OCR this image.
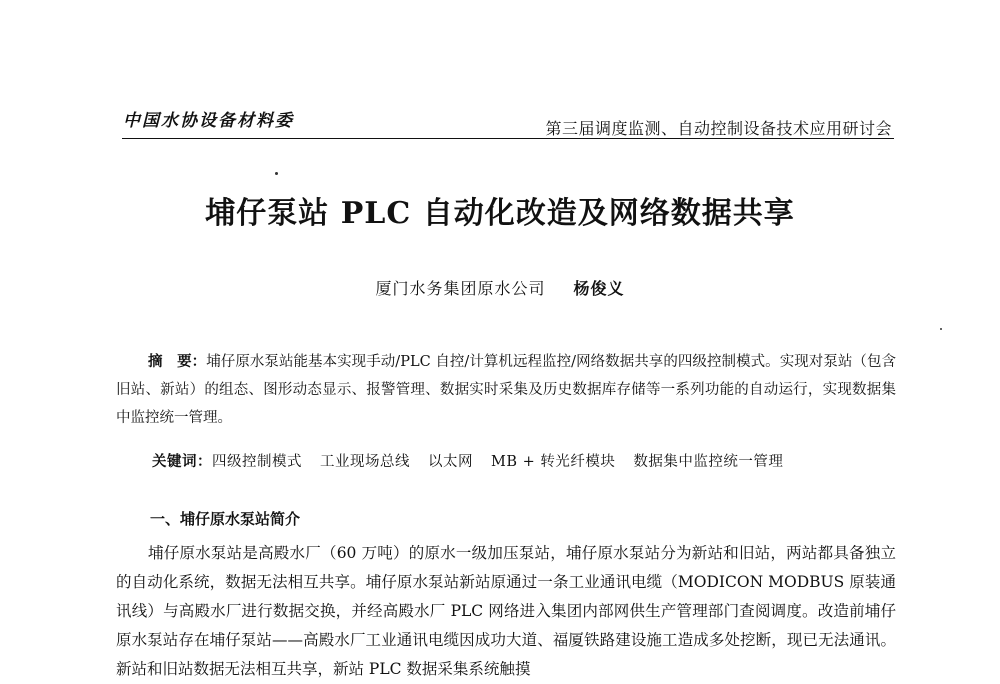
中国水协设备材料委	第三届调度监测、自动控制设备技术应用研讨会
埔仔泵站 PLC 自动化改造及网络数据共享
厦门水务集团原水公司 杨俊义
摘　要：埔仔原水泵站能基本实现手动/PLC 自控/计算机远程监控/网络数据共享的四级控制模式。实现对泵站（包含旧站、新站）的组态、图形动态显示、报警管理、数据实时采集及历史数据库存储等一系列功能的自动运行，实现数据集中监控统一管理。
关键词：四级控制模式 工业现场总线 以太网 MB + 转光纤模块 数据集中监控统一管理
一、埔仔原水泵站简介
埔仔原水泵站是高殿水厂（60 万吨）的原水一级加压泵站，埔仔原水泵站分为新站和旧站，两站都具备独立的自动化系统，数据无法相互共享。埔仔原水泵站新站原通过一条工业通讯电缆（MODICON MODBUS 原装通讯线）与高殿水厂进行数据交换，并经高殿水厂 PLC 网络进入集团内部网供生产管理部门查阅调度。改造前埔仔原水泵站存在埔仔泵站——高殿水厂工业通讯电缆因成功大道、福厦铁路建设施工造成多处挖断，现已无法通讯。新站和旧站数据无法相互共享，新站 PLC 数据采集系统触摸
